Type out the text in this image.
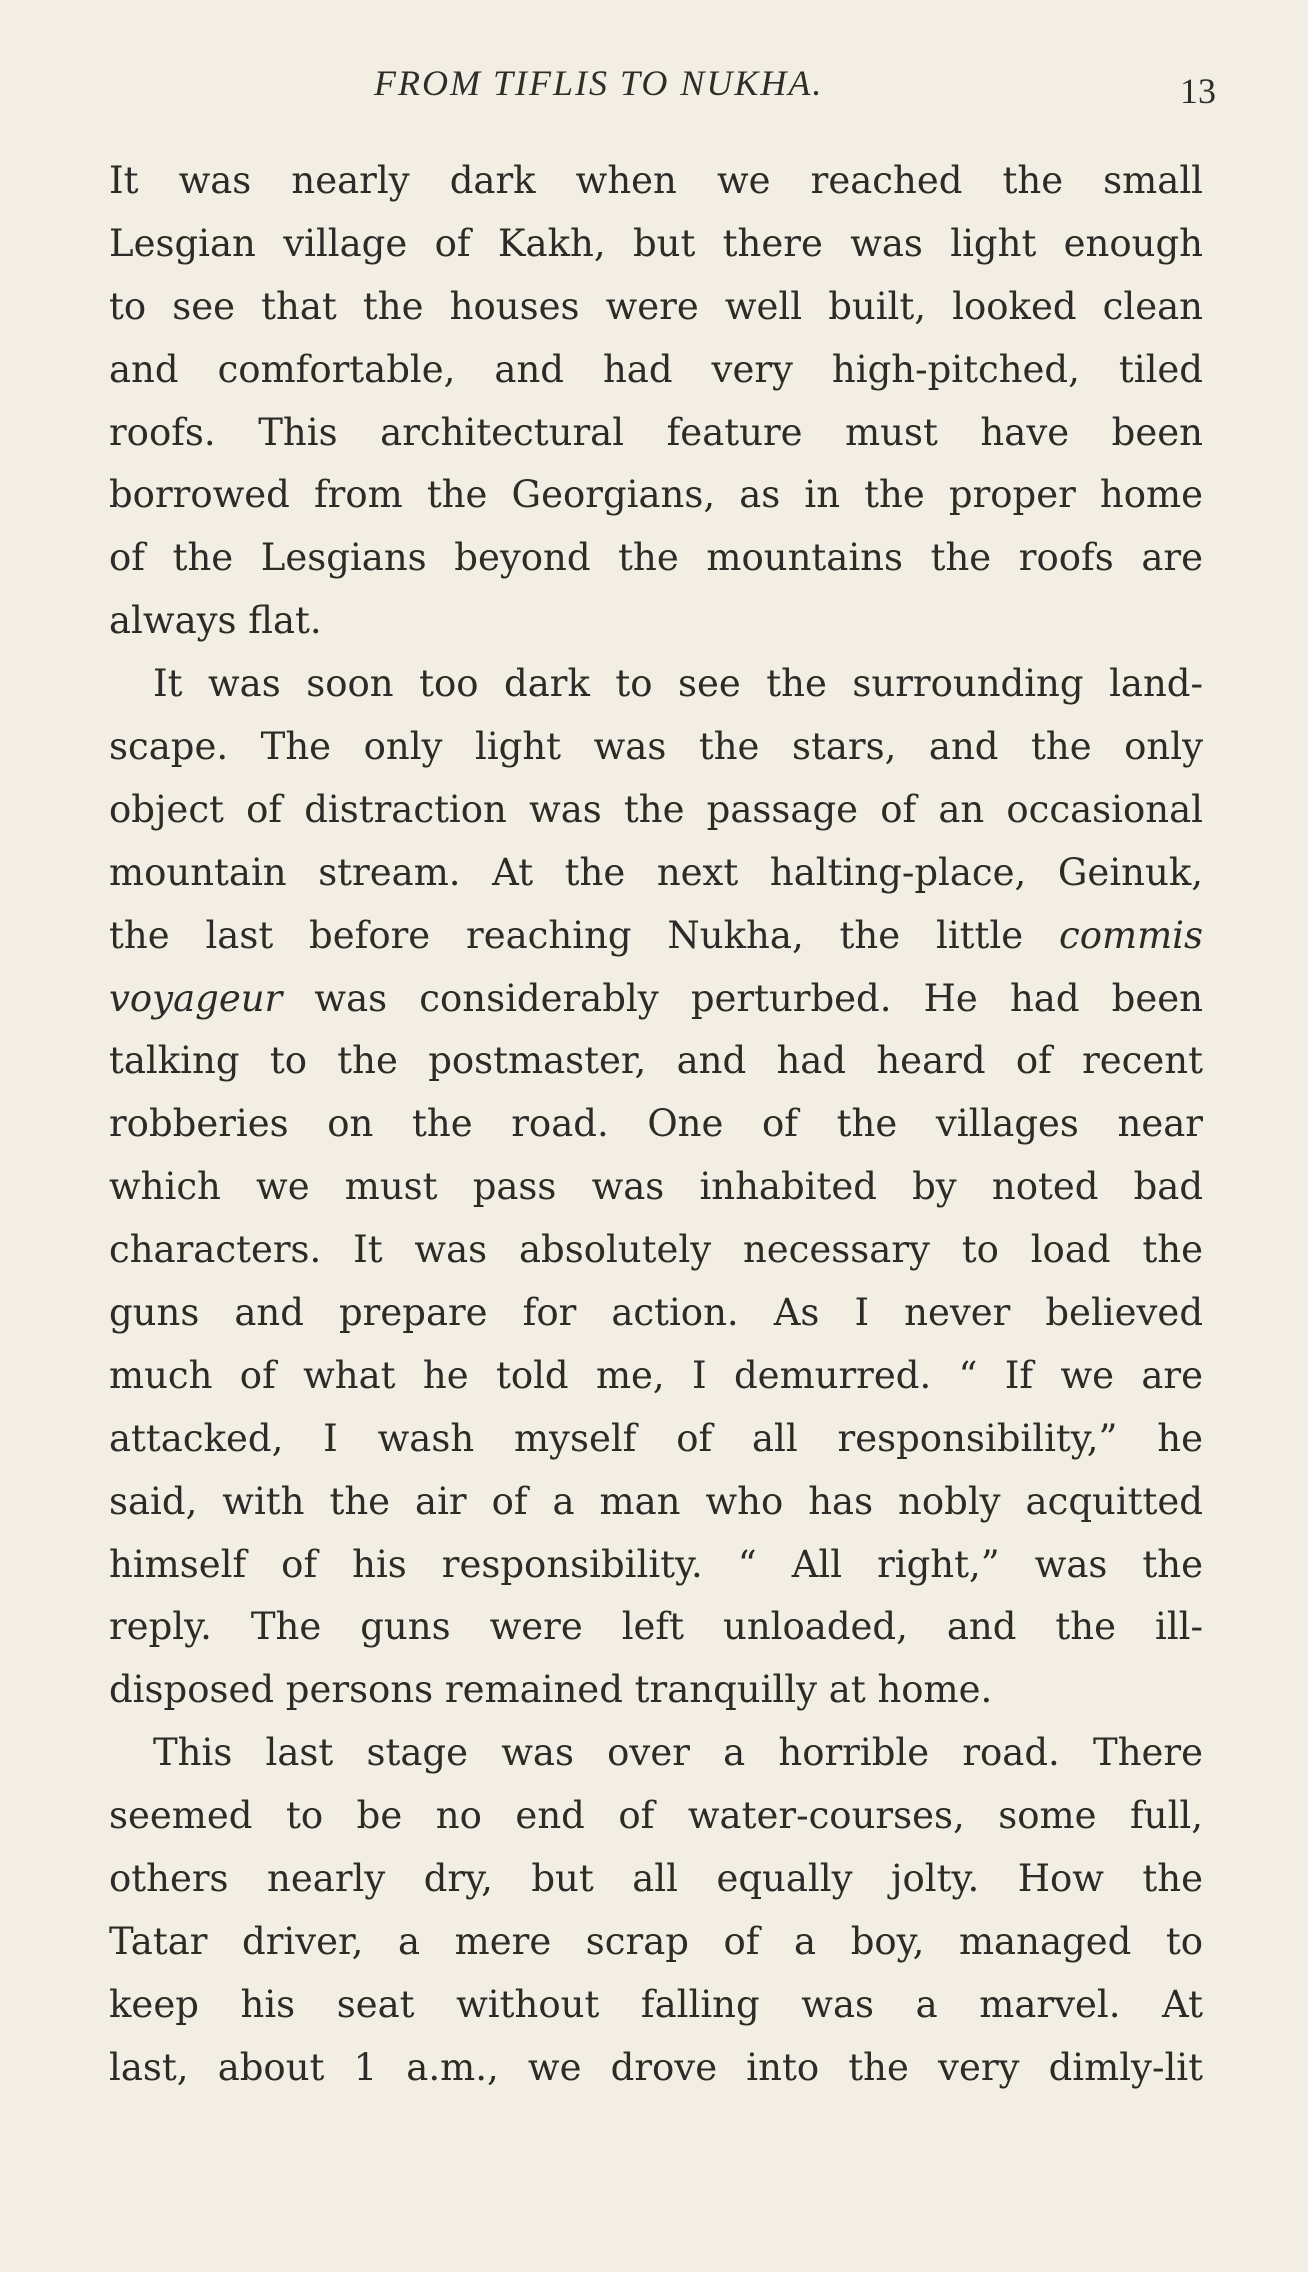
FROM TIFLIS TO NUKHA.	13
It was nearly dark when we reached the small
Lesgian village of Kakh, but there was light enough
to see that the houses were well built, looked clean
and comfortable, and had very high-pitched, tiled
roofs. This architectural feature must have been
borrowed from the Georgians, as in the proper home
of the Lesgians beyond the mountains the roofs are
always flat.
It was soon too dark to see the surrounding land-
scape. The only light was the stars, and the only
object of distraction was the passage of an occasional
mountain stream. At the next halting-place, Geinuk,
the last before reaching Nukha, the little commis
voyageur was considerably perturbed. He had been
talking to the postmaster, and had heard of recent
robberies on the road. One of the villages near
which we must pass was inhabited by noted bad
characters. It was absolutely necessary to load the
guns and prepare for action. As I never believed
much of what he told me, I demurred. “ If we are
attacked, I wash myself of all responsibility,” he
said, with the air of a man who has nobly acquitted
himself of his responsibility. “ All right,” was the
reply. The guns were left unloaded, and the ill-
disposed persons remained tranquilly at home.
This last stage was over a horrible road. There
seemed to be no end of water-courses, some full,
others nearly dry, but all equally jolty. How the
Tatar driver, a mere scrap of a boy, managed to
keep his seat without falling was a marvel. At
last, about 1 a.m., we drove into the very dimly-lit
